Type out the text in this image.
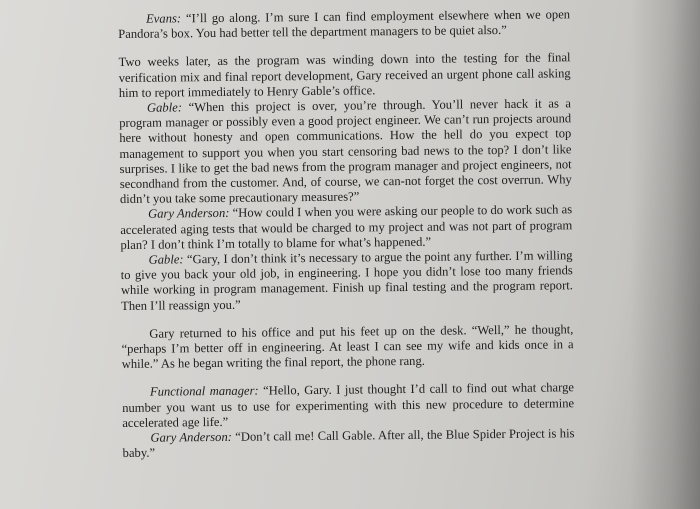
Evans: “I’ll go along. I’m sure I can find employment elsewhere when we open Pandora’s box. You had better tell the department managers to be quiet also.”

Two weeks later, as the program was winding down into the testing for the final verification mix and final report development, Gary received an urgent phone call asking him to report immediately to Henry Gable’s office.

Gable: “When this project is over, you’re through. You’ll never hack it as a program manager or possibly even a good project engineer. We can’t run projects around here without honesty and open communications. How the hell do you expect top management to support you when you start censoring bad news to the top? I don’t like surprises. I like to get the bad news from the program manager and project engineers, not secondhand from the customer. And, of course, we can-not forget the cost overrun. Why didn’t you take some precautionary measures?”

Gary Anderson: “How could I when you were asking our people to do work such as accelerated aging tests that would be charged to my project and was not part of program plan? I don’t think I’m totally to blame for what’s happened.”

Gable: “Gary, I don’t think it’s necessary to argue the point any further. I’m willing to give you back your old job, in engineering. I hope you didn’t lose too many friends while working in program management. Finish up final testing and the program report. Then I’ll reassign you.”

Gary returned to his office and put his feet up on the desk. “Well,” he thought, “perhaps I’m better off in engineering. At least I can see my wife and kids once in a while.” As he began writing the final report, the phone rang.

Functional manager: “Hello, Gary. I just thought I’d call to find out what charge number you want us to use for experimenting with this new procedure to determine accelerated age life.”

Gary Anderson: “Don’t call me! Call Gable. After all, the Blue Spider Project is his baby.”
